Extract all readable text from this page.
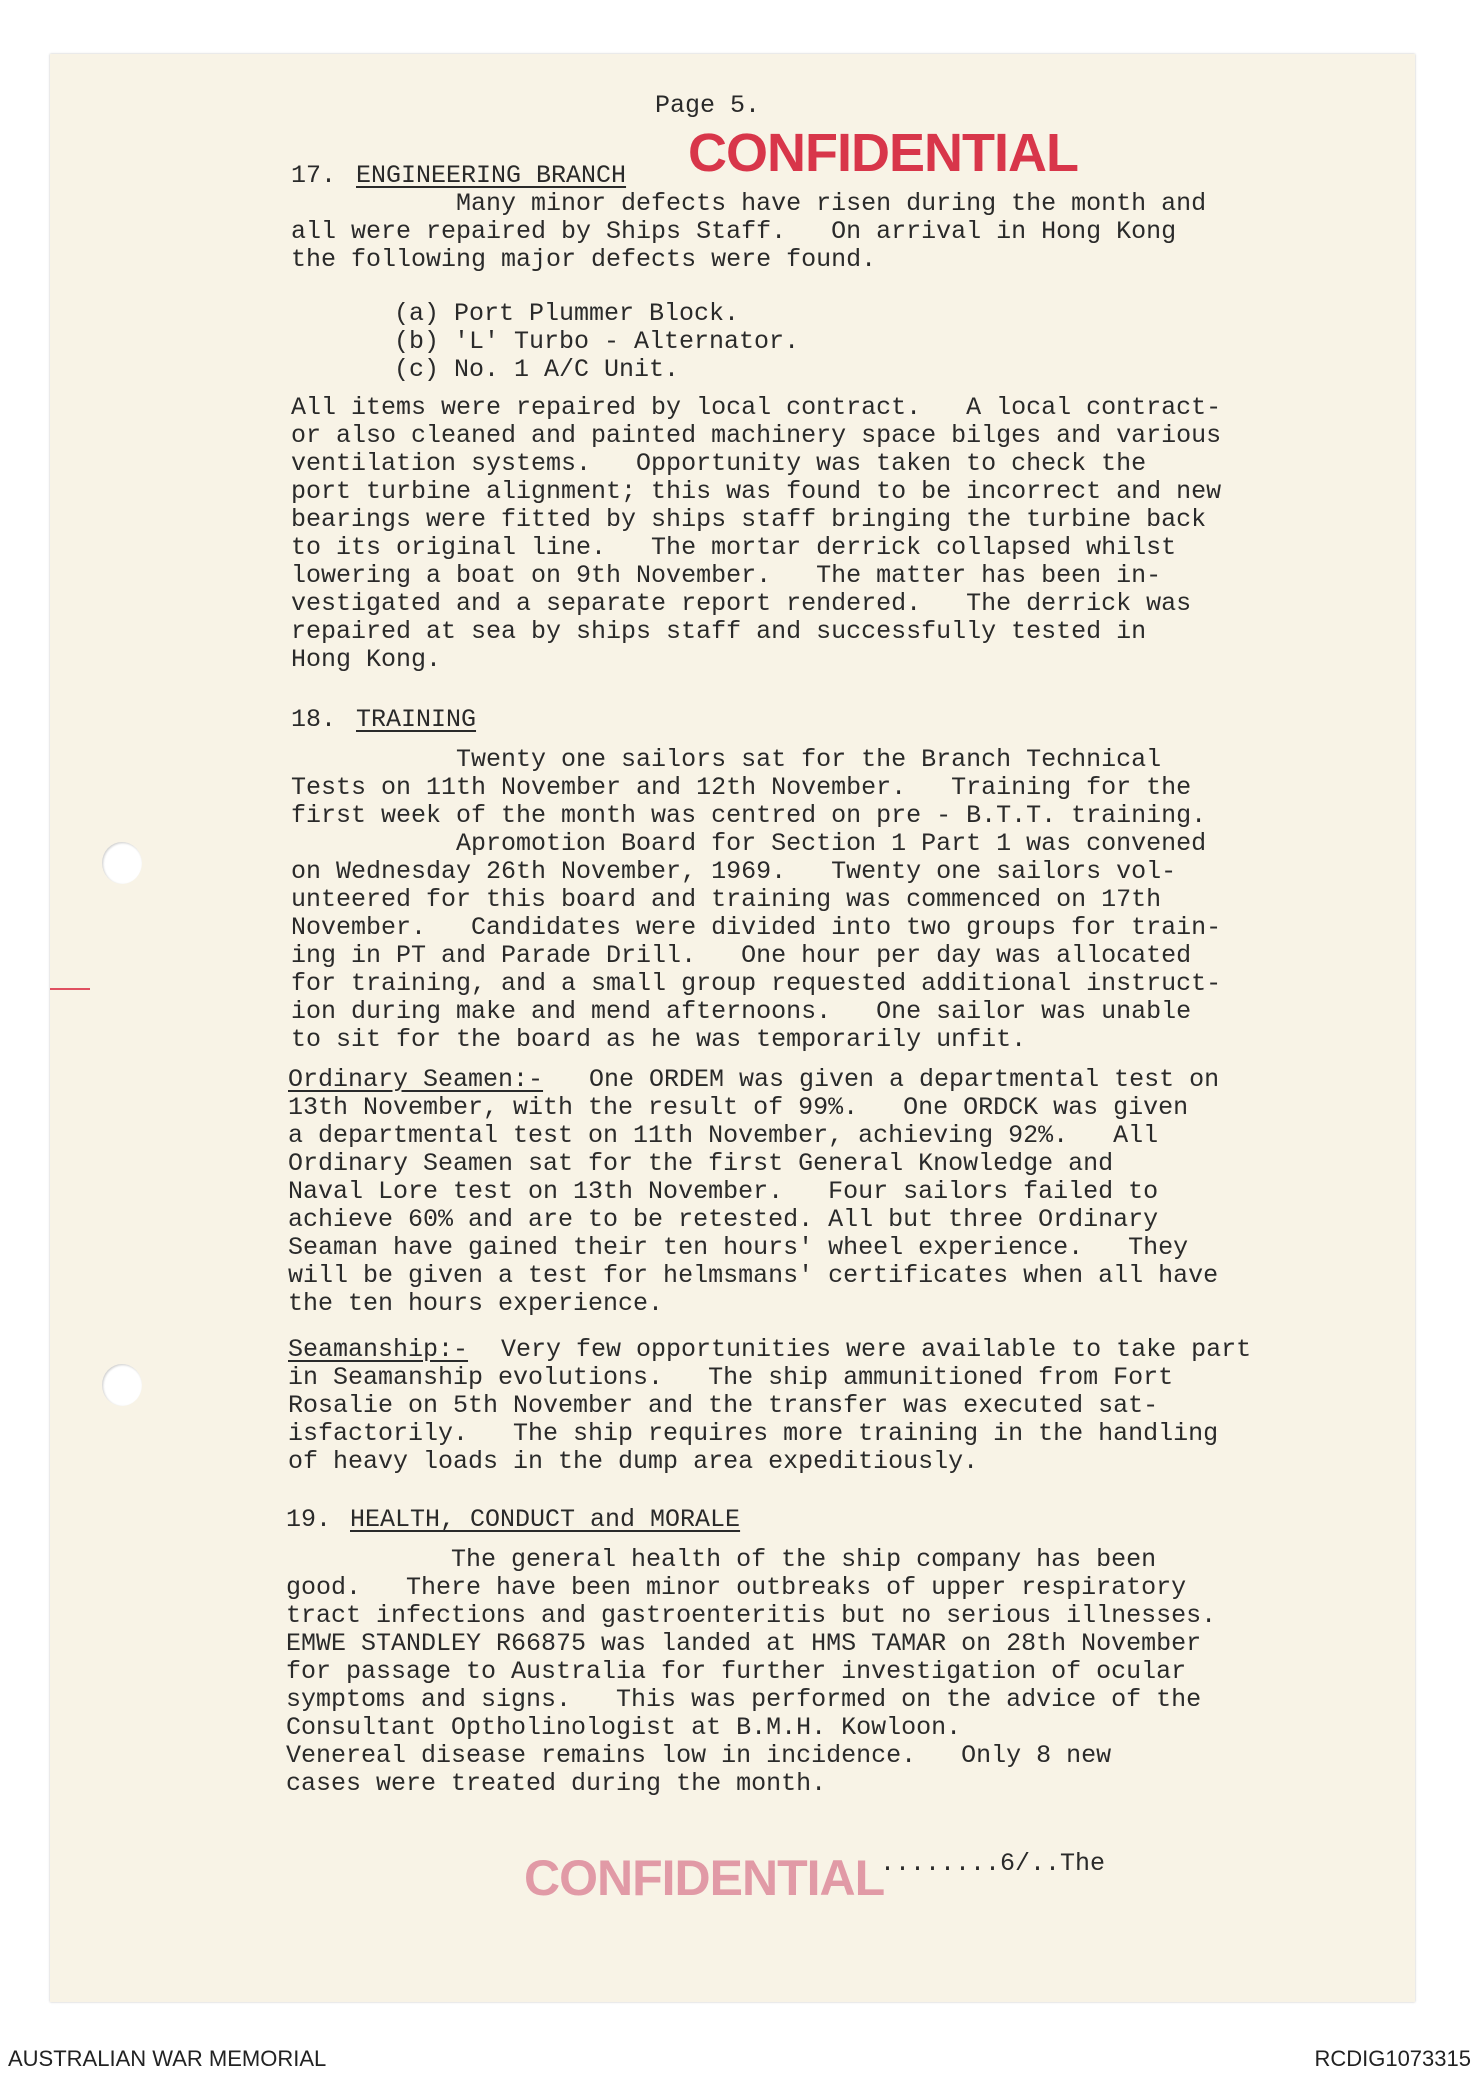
CONFIDENTIAL
CONFIDENTIAL
Page 5.
17. ENGINEERING BRANCH
Many minor defects have risen during the month and
all were repaired by Ships Staff.   On arrival in Hong Kong
the following major defects were found.
(a) Port Plummer Block.
(b) 'L' Turbo - Alternator.
(c) No. 1 A/C Unit.
All items were repaired by local contract.   A local contract-
or also cleaned and painted machinery space bilges and various
ventilation systems.   Opportunity was taken to check the
port turbine alignment; this was found to be incorrect and new
bearings were fitted by ships staff bringing the turbine back
to its original line.   The mortar derrick collapsed whilst
lowering a boat on 9th November.   The matter has been in-
vestigated and a separate report rendered.   The derrick was
repaired at sea by ships staff and successfully tested in
Hong Kong.
18. TRAINING
Twenty one sailors sat for the Branch Technical
Tests on 11th November and 12th November.   Training for the
first week of the month was centred on pre - B.T.T. training.
Apromotion Board for Section 1 Part 1 was convened
on Wednesday 26th November, 1969.   Twenty one sailors vol-
unteered for this board and training was commenced on 17th
November.   Candidates were divided into two groups for train-
ing in PT and Parade Drill.   One hour per day was allocated
for training, and a small group requested additional instruct-
ion during make and mend afternoons.   One sailor was unable
to sit for the board as he was temporarily unfit.
Ordinary Seamen:- One ORDEM was given a departmental test on
13th November, with the result of 99%.   One ORDCK was given
a departmental test on 11th November, achieving 92%.   All
Ordinary Seamen sat for the first General Knowledge and
Naval Lore test on 13th November.   Four sailors failed to
achieve 60% and are to be retested. All but three Ordinary
Seaman have gained their ten hours' wheel experience.   They
will be given a test for helmsmans' certificates when all have
the ten hours experience.
Seamanship:- Very few opportunities were available to take part
in Seamanship evolutions.   The ship ammunitioned from Fort
Rosalie on 5th November and the transfer was executed sat-
isfactorily.   The ship requires more training in the handling
of heavy loads in the dump area expeditiously.
19. HEALTH, CONDUCT and MORALE
The general health of the ship company has been
good.   There have been minor outbreaks of upper respiratory
tract infections and gastroenteritis but no serious illnesses.
EMWE STANDLEY R66875 was landed at HMS TAMAR on 28th November
for passage to Australia for further investigation of ocular
symptoms and signs.   This was performed on the advice of the
Consultant Optholinologist at B.M.H. Kowloon.
Venereal disease remains low in incidence.   Only 8 new
cases were treated during the month.
........6/..The
AUSTRALIAN WAR MEMORIAL	RCDIG1073315
